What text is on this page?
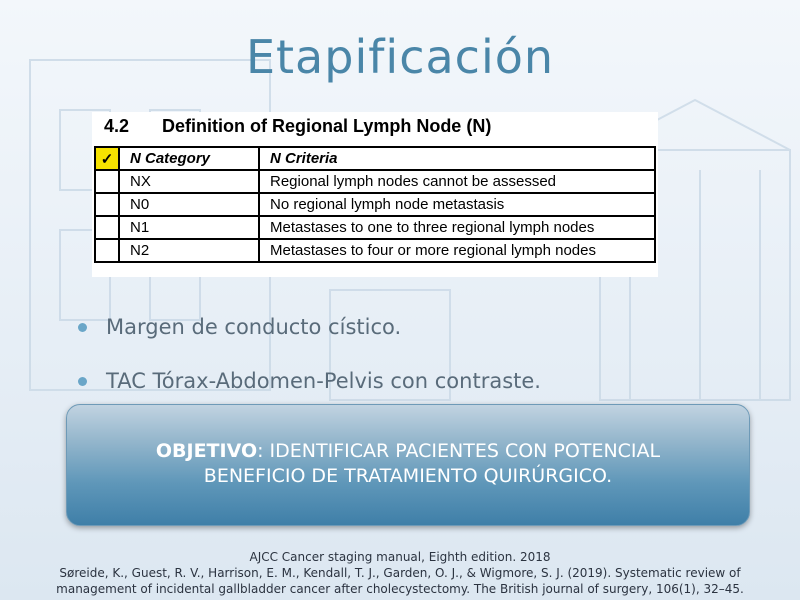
Etapificación
4.2 Definition of Regional Lymph Node (N)
✓	N Category	N Criteria
	NX	Regional lymph nodes cannot be assessed
	N0	No regional lymph node metastasis
	N1	Metastases to one to three regional lymph nodes
	N2	Metastases to four or more regional lymph nodes
Margen de conducto cístico.
TAC Tórax-Abdomen-Pelvis con contraste.
OBJETIVO: IDENTIFICAR PACIENTES CON POTENCIAL
BENEFICIO DE TRATAMIENTO QUIRÚRGICO.
AJCC Cancer staging manual, Eighth edition. 2018
Søreide, K., Guest, R. V., Harrison, E. M., Kendall, T. J., Garden, O. J., & Wigmore, S. J. (2019). Systematic review of
management of incidental gallbladder cancer after cholecystectomy. The British journal of surgery, 106(1), 32–45.
